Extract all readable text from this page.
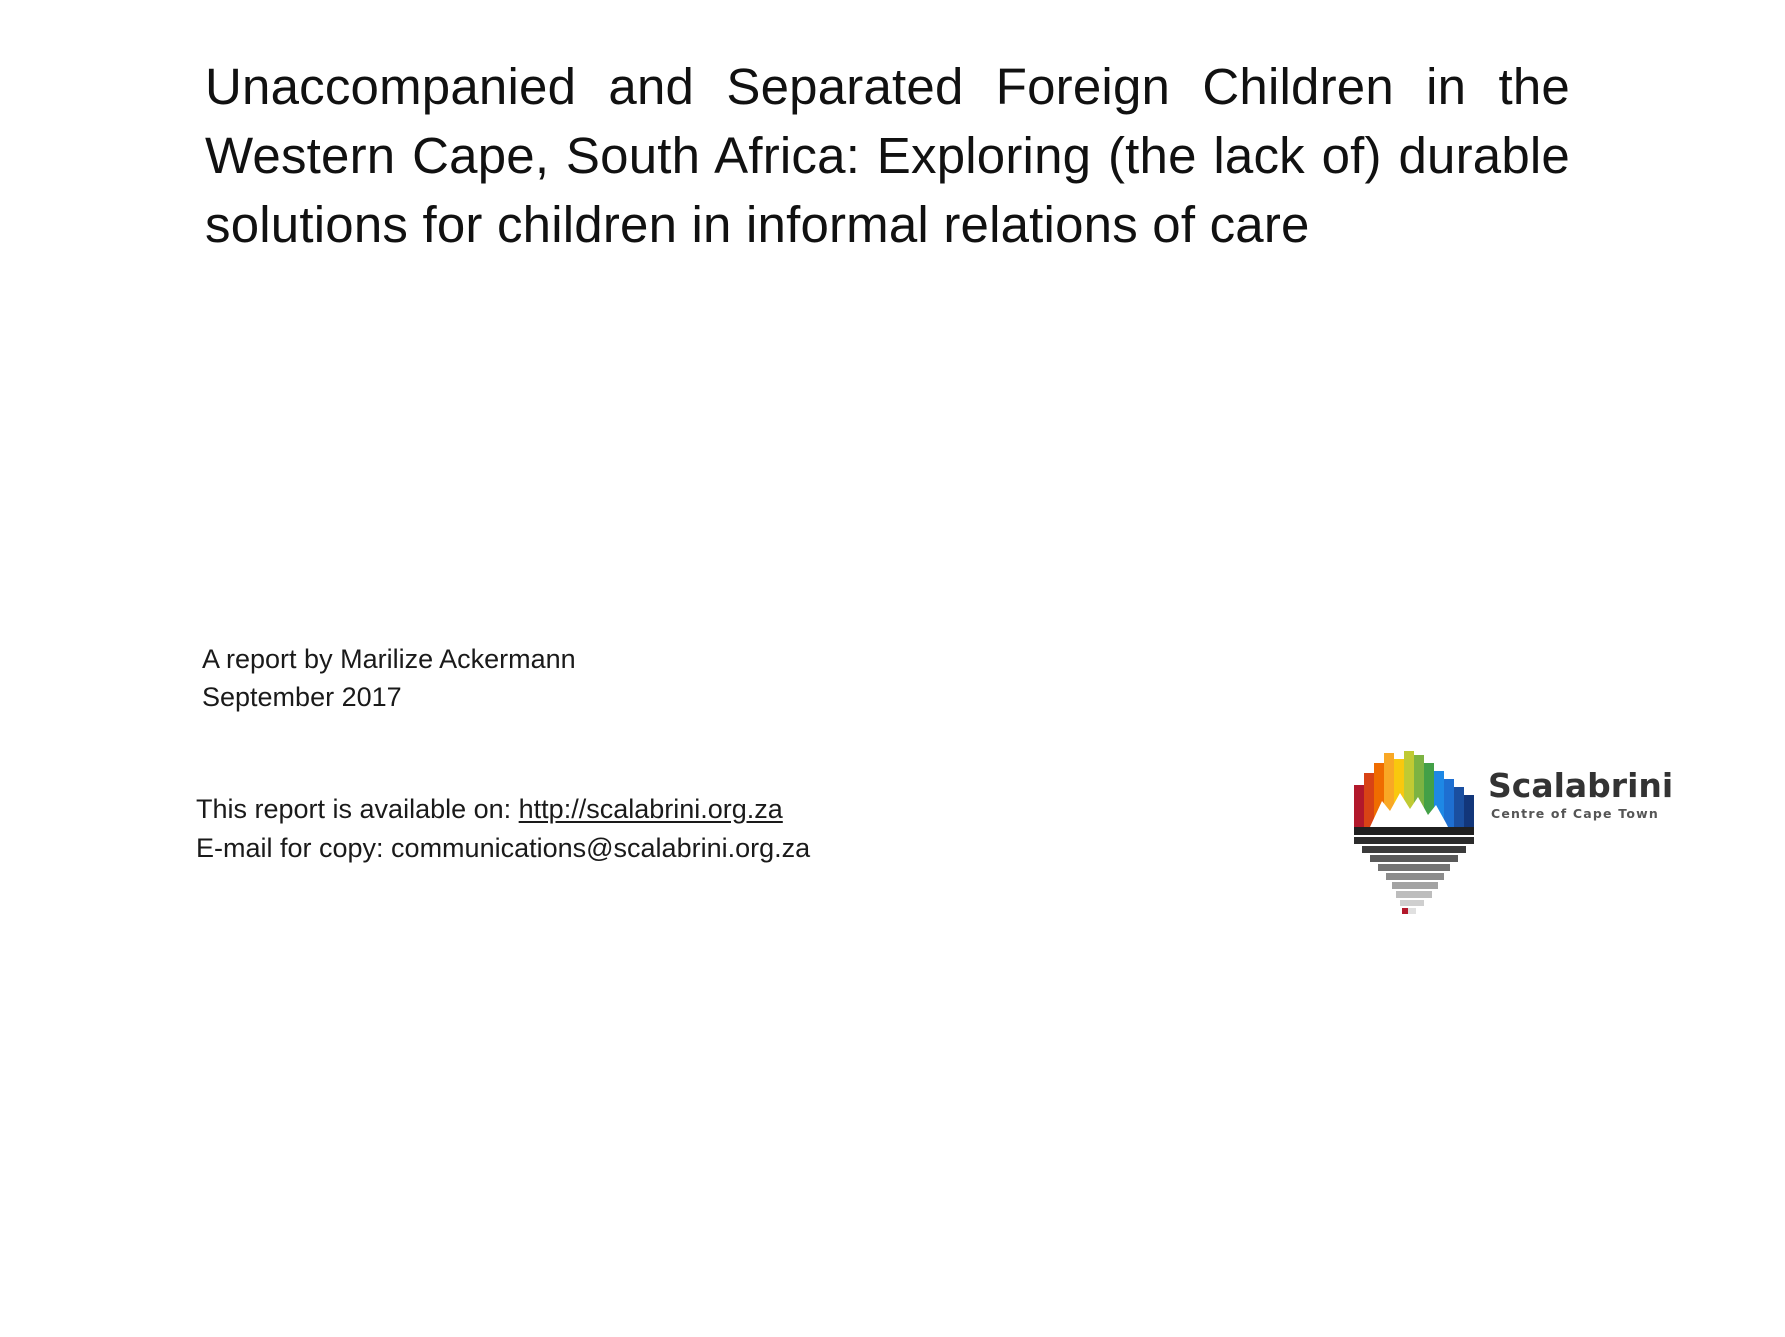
Unaccompanied and Separated Foreign Children in the Western Cape, South Africa: Exploring (the lack of) durable solutions for children in informal relations of care
A report by Marilize Ackermann
September 2017
This report is available on: http://scalabrini.org.za
E-mail for copy: communications@scalabrini.org.za
Scalabrini
Centre of Cape Town
